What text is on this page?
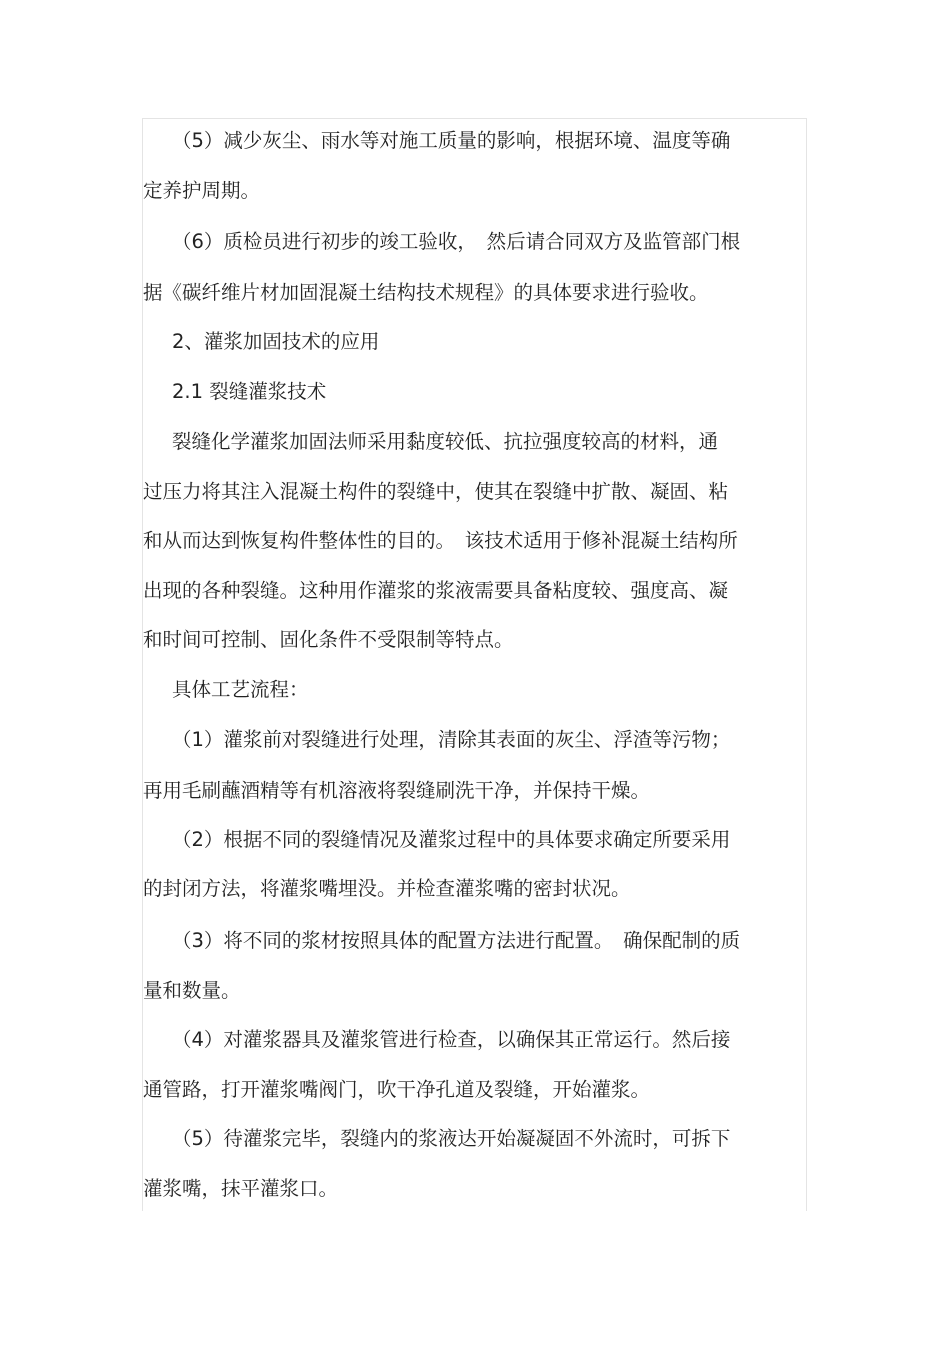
（5）减少灰尘、雨水等对施工质量的影响，根据环境、温度等确
定养护周期。
（6）质检员进行初步的竣工验收，　然后请合同双方及监管部门根
据《碳纤维片材加固混凝土结构技术规程》的具体要求进行验收。
2、灌浆加固技术的应用
2.1 裂缝灌浆技术
裂缝化学灌浆加固法师采用黏度较低、抗拉强度较高的材料，通
过压力将其注入混凝土构件的裂缝中，使其在裂缝中扩散、凝固、粘
和从而达到恢复构件整体性的目的。　该技术适用于修补混凝土结构所
出现的各种裂缝。这种用作灌浆的浆液需要具备粘度较、强度高、凝
和时间可控制、固化条件不受限制等特点。
具体工艺流程：
（1）灌浆前对裂缝进行处理，清除其表面的灰尘、浮渣等污物；
再用毛刷蘸酒精等有机溶液将裂缝刷洗干净，并保持干燥。
（2）根据不同的裂缝情况及灌浆过程中的具体要求确定所要采用
的封闭方法，将灌浆嘴埋没。并检查灌浆嘴的密封状况。
（3）将不同的浆材按照具体的配置方法进行配置。　确保配制的质
量和数量。
（4）对灌浆器具及灌浆管进行检查，以确保其正常运行。然后接
通管路，打开灌浆嘴阀门，吹干净孔道及裂缝，开始灌浆。
（5）待灌浆完毕，裂缝内的浆液达开始凝凝固不外流时，可拆下
灌浆嘴，抹平灌浆口。
